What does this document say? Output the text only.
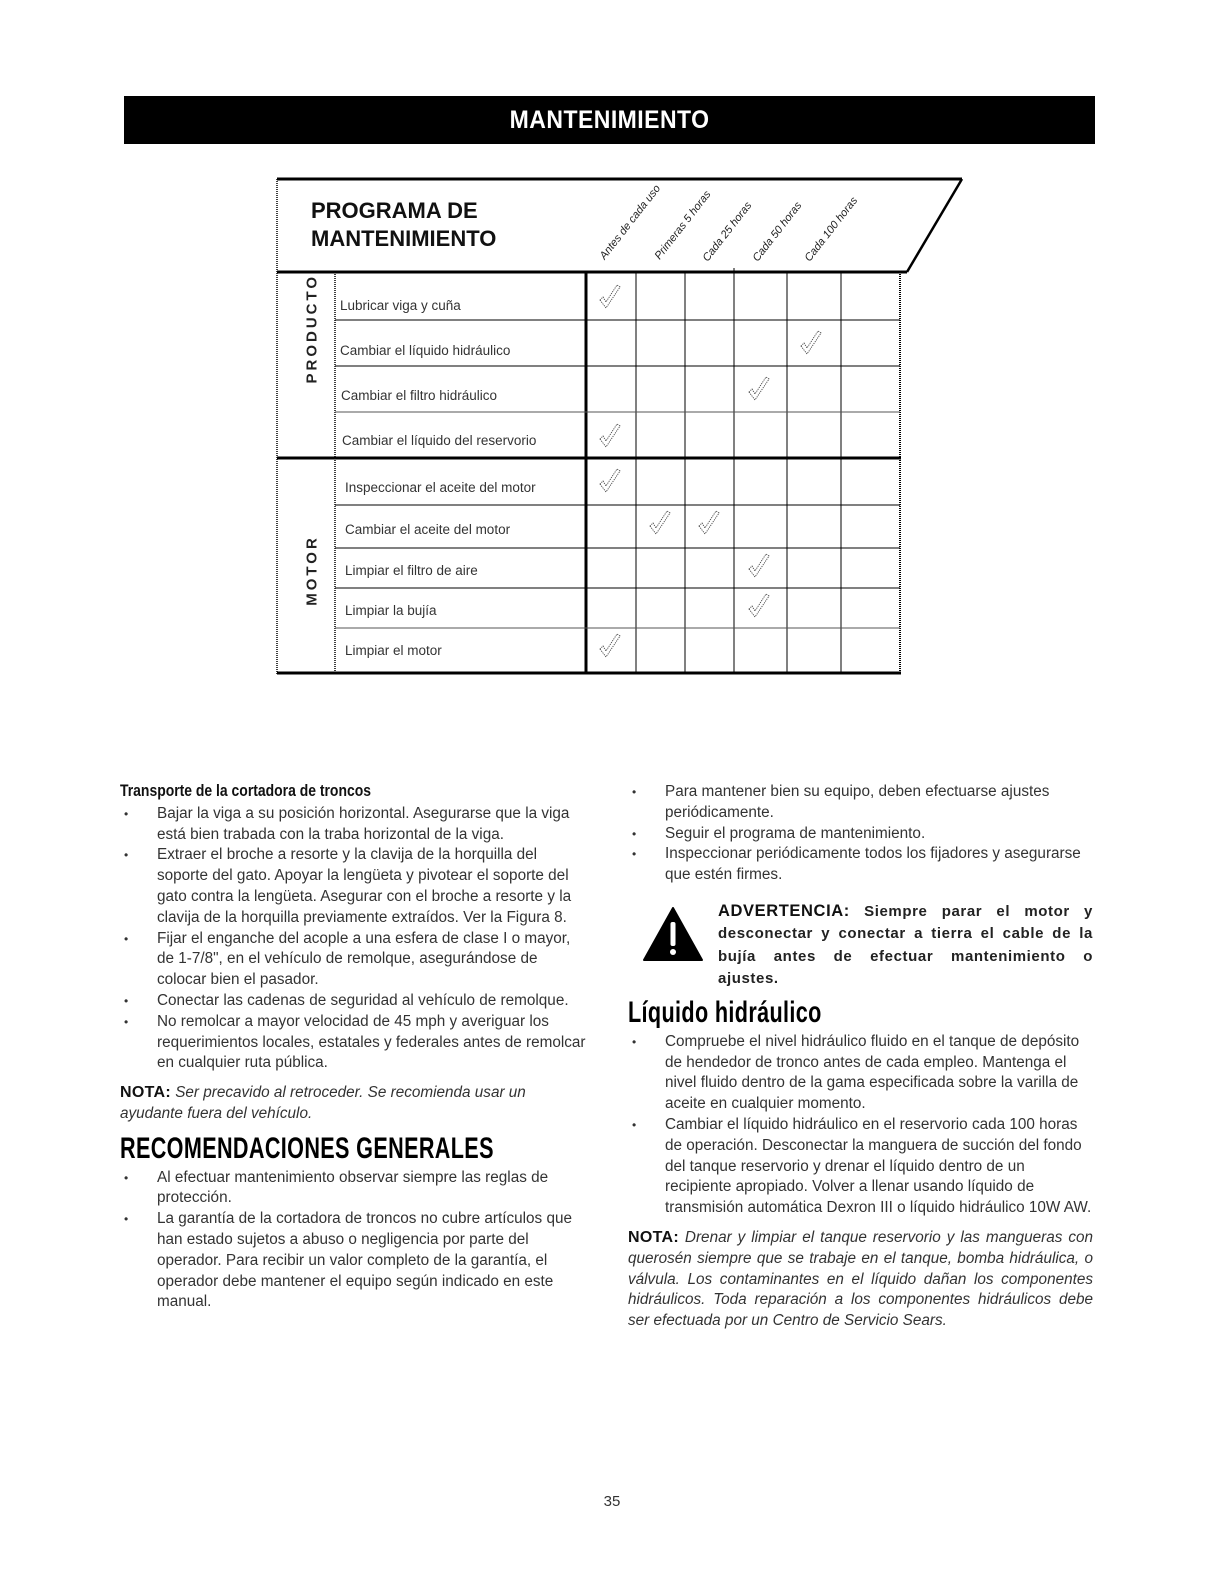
MANTENIMIENTO
PROGRAMA DE
MANTENIMIENTO	Antes de cada uso
Primeras 5 horas
Cada 25 horas
Cada 50 horas
Cada 100 horas
PRODUCTO
MOTOR
Lubricar viga y cuña
Cambiar el líquido hidráulico
Cambiar el filtro hidráulico
Cambiar el líquido del reservorio
Inspeccionar el aceite del motor
Cambiar el aceite del motor
Limpiar el filtro de aire
Limpiar la bujía
Limpiar el motor
Transporte de la cortadora de troncos
• Bajar la viga a su posición horizontal. Asegurarse que la viga está bien trabada con la traba horizontal de la viga.
• Extraer el broche a resorte y la clavija de la horquilla del soporte del gato. Apoyar la lengüeta y pivotear el soporte del gato contra la lengüeta. Asegurar con el broche a resorte y la clavija de la horquilla previamente extraídos. Ver la Figura 8.
• Fijar el enganche del acople a una esfera de clase I o mayor, de 1-7/8", en el vehículo de remolque, asegurándose de colocar bien el pasador.
• Conectar las cadenas de seguridad al vehículo de remolque.
• No remolcar a mayor velocidad de 45 mph y averiguar los requerimientos locales, estatales y federales antes de remolcar en cualquier ruta pública.
NOTA: Ser precavido al retroceder. Se recomienda usar un ayudante fuera del vehículo.
RECOMENDACIONES GENERALES
• Al efectuar mantenimiento observar siempre las reglas de protección.
• La garantía de la cortadora de troncos no cubre artículos que han estado sujetos a abuso o negligencia por parte del operador. Para recibir un valor completo de la garantía, el operador debe mantener el equipo según indicado en este manual.
• Para mantener bien su equipo, deben efectuarse ajustes periódicamente.
• Seguir el programa de mantenimiento.
• Inspeccionar periódicamente todos los fijadores y asegurarse que estén firmes.
ADVERTENCIA: Siempre parar el motor y desconectar y conectar a tierra el cable de la bujía antes de efectuar mantenimiento o ajustes.
Líquido hidráulico
• Compruebe el nivel hidráulico fluido en el tanque de depósito de hendedor de tronco antes de cada empleo. Mantenga el nivel fluido dentro de la gama especificada sobre la varilla de aceite en cualquier momento.
• Cambiar el líquido hidráulico en el reservorio cada 100 horas de operación. Desconectar la manguera de succión del fondo del tanque reservorio y drenar el líquido dentro de un recipiente apropiado. Volver a llenar usando líquido de transmisión automática Dexron III o líquido hidráulico 10W AW.
NOTA: Drenar y limpiar el tanque reservorio y las mangueras con querosén siempre que se trabaje en el tanque, bomba hidráulica, o válvula. Los contaminantes en el líquido dañan los componentes hidráulicos. Toda reparación a los componentes hidráulicos debe ser efectuada por un Centro de Servicio Sears.
35
